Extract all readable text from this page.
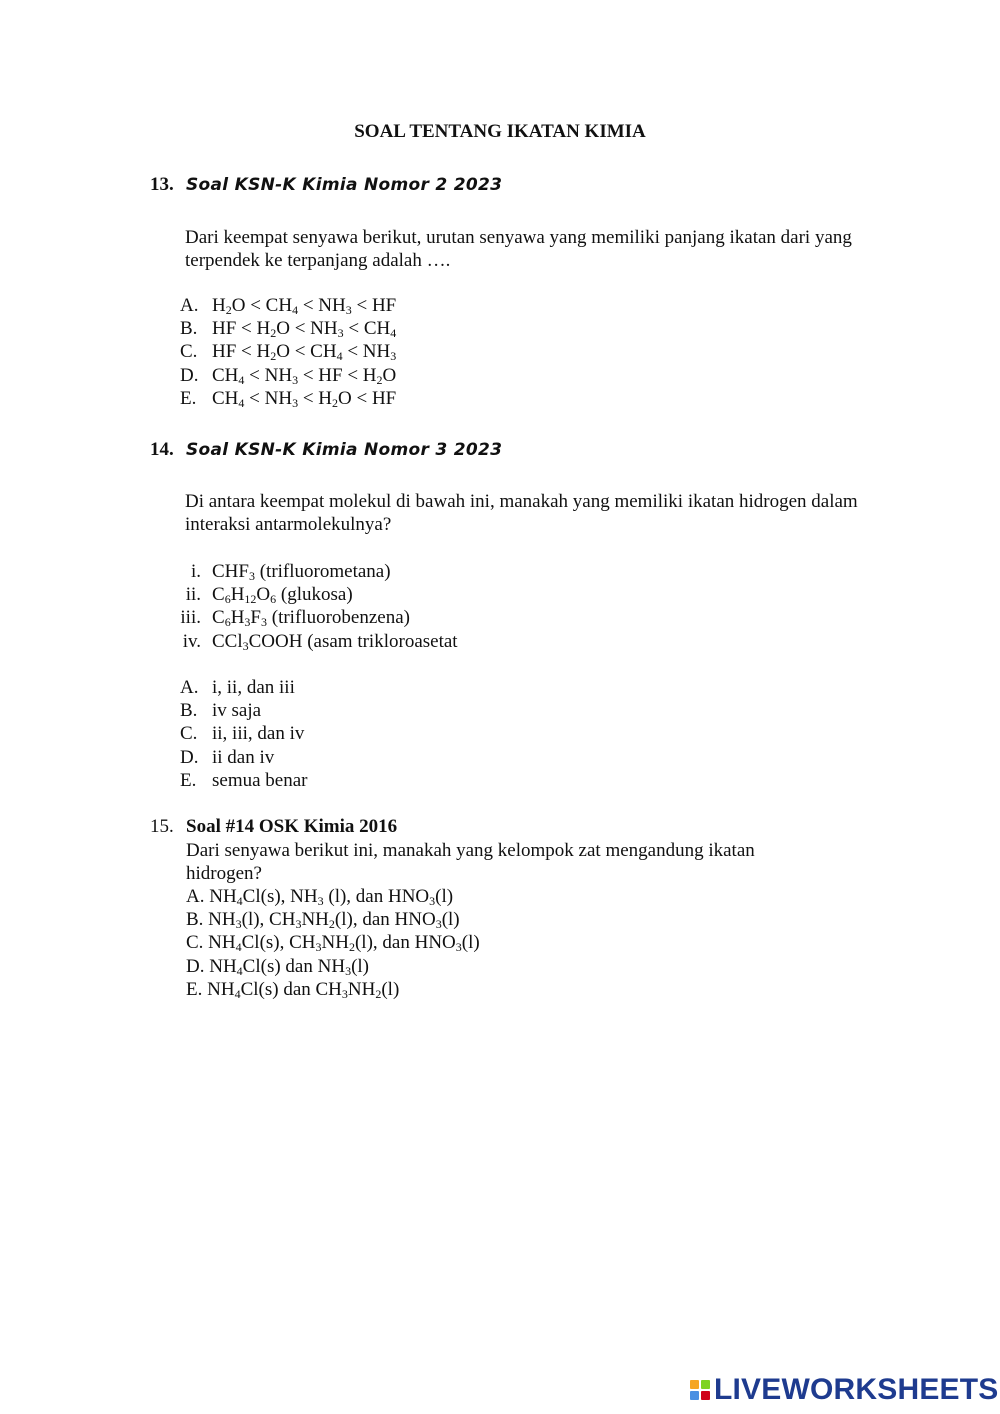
SOAL TENTANG IKATAN KIMIA
13. Soal KSN-K Kimia Nomor 2 2023
Dari keempat senyawa berikut, urutan senyawa yang memiliki panjang ikatan dari yang terpendek ke terpanjang adalah ….
A. $H_2O < CH_4 < NH_3$ < HF
B. HF < $H_2O < NH_3 < CH_4$
C. HF < $H_2O < CH_4 < NH_3$
D. $CH_4 < NH_3$ < HF < $H_2O$
E. $CH_4 < NH_3 < H_2O$ < HF
14. Soal KSN-K Kimia Nomor 3 2023
Di antara keempat molekul di bawah ini, manakah yang memiliki ikatan hidrogen dalam interaksi antarmolekulnya?
i. $CHF_3$ (trifluorometana)
ii. $C_6H_{12}O_6$ (glukosa)
iii. $C_6H_3F_3$ (trifluorobenzena)
iv. CCl$_3$COOH (asam trikloroasetat
A. i, ii, dan iii
B. iv saja
C. ii, iii, dan iv
D. ii dan iv
E. semua benar
15. Soal #14 OSK Kimia 2016
Dari senyawa berikut ini, manakah yang kelompok zat mengandung ikatan hidrogen?
A. $NH_4Cl(s)$, $NH_3$ (l), dan $HNO_3(l)$
B. $NH_3(l)$, $CH_3NH_2(l)$, dan $HNO_3(l)$
C. $NH_4Cl(s)$, $CH_3NH_2(l)$, dan $HNO_3(l)$
D. $NH_4Cl(s)$ dan $NH_3(l)$
E. $NH_4Cl(s)$ dan $CH_3NH_2(l)$
LIVEWORKSHEETS
